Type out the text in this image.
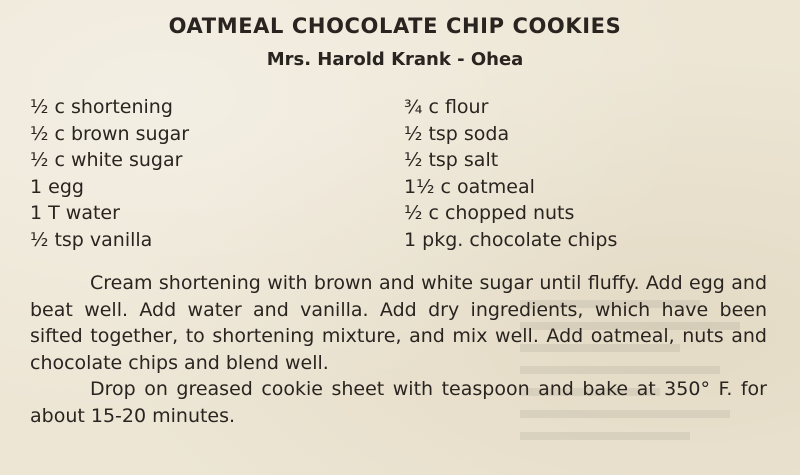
OATMEAL CHOCOLATE CHIP COOKIES
Mrs. Harold Krank - Ohea
½ c shortening
½ c brown sugar
½ c white sugar
1 egg
1 T water
½ tsp vanilla
¾ c flour
½ tsp soda
½ tsp salt
1½ c oatmeal
½ c chopped nuts
1 pkg. chocolate chips

Cream shortening with brown and white sugar until fluffy. Add egg and beat well. Add water and vanilla. Add dry ingredients, which have been sifted together, to shortening mixture, and mix well. Add oatmeal, nuts and chocolate chips and blend well.

Drop on greased cookie sheet with teaspoon and bake at 350° F. for about 15-20 minutes.
